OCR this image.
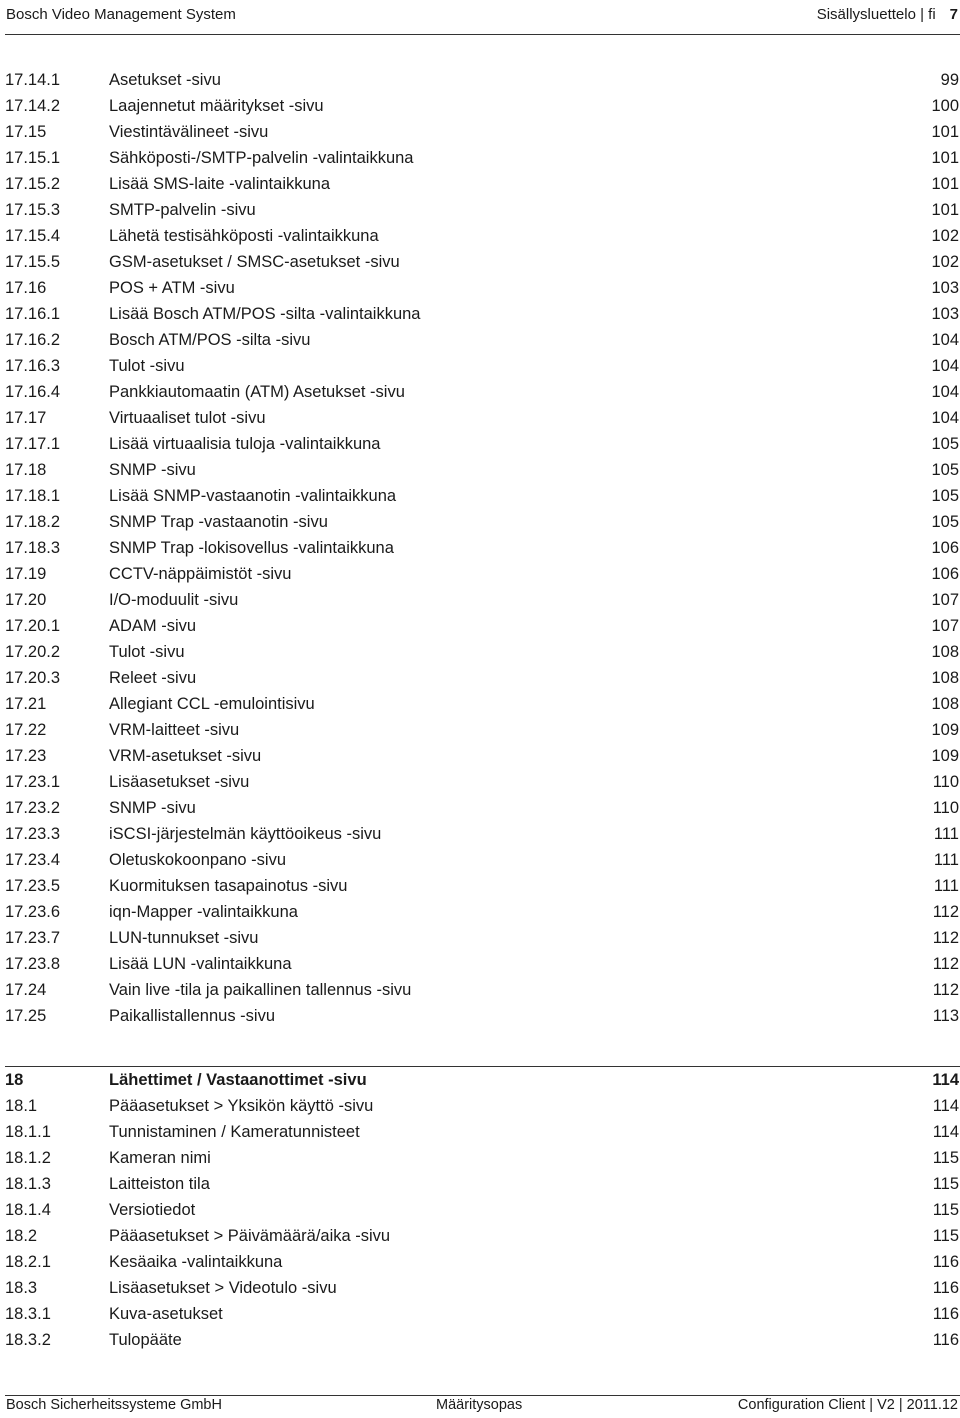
Bosch Video Management System	Sisällysluettelo | fi 7
17.14.1	Asetukset -sivu	99
17.14.2	Laajennetut määritykset -sivu	100
17.15	Viestintävälineet -sivu	101
17.15.1	Sähköposti-/SMTP-palvelin -valintaikkuna	101
17.15.2	Lisää SMS-laite -valintaikkuna	101
17.15.3	SMTP-palvelin -sivu	101
17.15.4	Lähetä testisähköposti -valintaikkuna	102
17.15.5	GSM-asetukset / SMSC-asetukset -sivu	102
17.16	POS + ATM -sivu	103
17.16.1	Lisää Bosch ATM/POS -silta -valintaikkuna	103
17.16.2	Bosch ATM/POS -silta -sivu	104
17.16.3	Tulot -sivu	104
17.16.4	Pankkiautomaatin (ATM) Asetukset -sivu	104
17.17	Virtuaaliset tulot -sivu	104
17.17.1	Lisää virtuaalisia tuloja -valintaikkuna	105
17.18	SNMP -sivu	105
17.18.1	Lisää SNMP-vastaanotin -valintaikkuna	105
17.18.2	SNMP Trap -vastaanotin -sivu	105
17.18.3	SNMP Trap -lokisovellus -valintaikkuna	106
17.19	CCTV-näppäimistöt -sivu	106
17.20	I/O-moduulit -sivu	107
17.20.1	ADAM -sivu	107
17.20.2	Tulot -sivu	108
17.20.3	Releet -sivu	108
17.21	Allegiant CCL -emulointisivu	108
17.22	VRM-laitteet -sivu	109
17.23	VRM-asetukset -sivu	109
17.23.1	Lisäasetukset -sivu	110
17.23.2	SNMP -sivu	110
17.23.3	iSCSI-järjestelmän käyttöoikeus -sivu	111
17.23.4	Oletuskokoonpano -sivu	111
17.23.5	Kuormituksen tasapainotus -sivu	111
17.23.6	iqn-Mapper -valintaikkuna	112
17.23.7	LUN-tunnukset -sivu	112
17.23.8	Lisää LUN -valintaikkuna	112
17.24	Vain live -tila ja paikallinen tallennus -sivu	112
17.25	Paikallistallennus -sivu	113
18	Lähettimet / Vastaanottimet -sivu	114
18.1	Pääasetukset > Yksikön käyttö -sivu	114
18.1.1	Tunnistaminen / Kameratunnisteet	114
18.1.2	Kameran nimi	115
18.1.3	Laitteiston tila	115
18.1.4	Versiotiedot	115
18.2	Pääasetukset > Päivämäärä/aika -sivu	115
18.2.1	Kesäaika -valintaikkuna	116
18.3	Lisäasetukset > Videotulo -sivu	116
18.3.1	Kuva-asetukset	116
18.3.2	Tulopääte	116
Bosch Sicherheitssysteme GmbH	Määritysopas	Configuration Client | V2 | 2011.12
